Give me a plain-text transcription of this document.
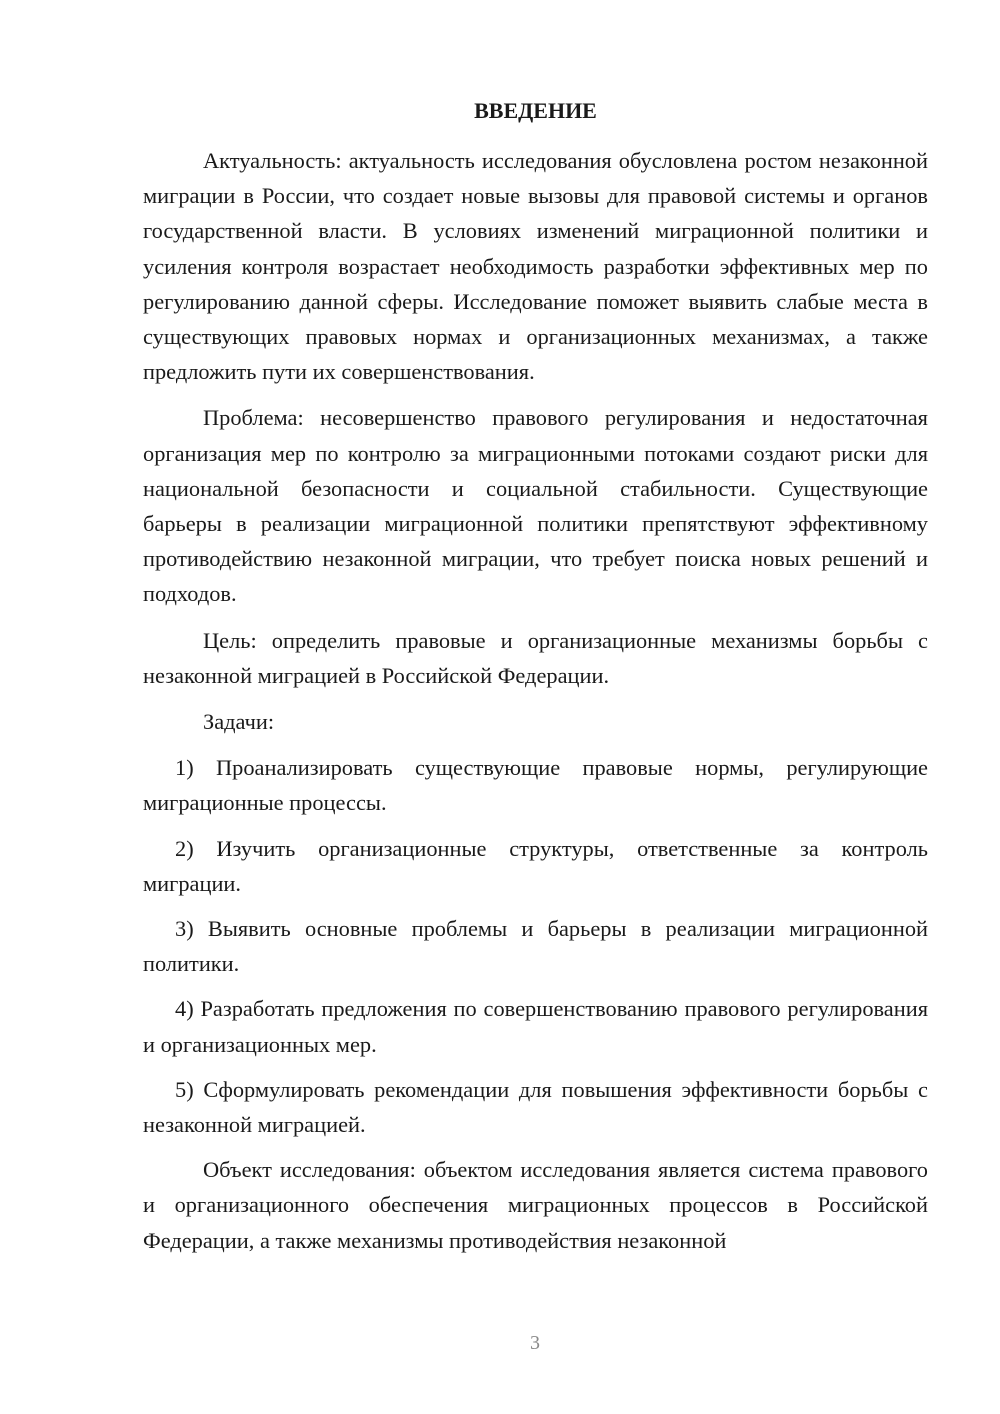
ВВЕДЕНИЕ

Актуальность: актуальность исследования обусловлена ростом незаконной миграции в России, что создает новые вызовы для правовой системы и органов государственной власти. В условиях изменений миграционной политики и усиления контроля возрастает необходимость разработки эффективных мер по регулированию данной сферы. Исследование поможет выявить слабые места в существующих правовых нормах и организационных механизмах, а также предложить пути их совершенствования.

Проблема: несовершенство правового регулирования и недостаточная организация мер по контролю за миграционными потоками создают риски для национальной безопасности и социальной стабильности. Существующие барьеры в реализации миграционной политики препятствуют эффективному противодействию незаконной миграции, что требует поиска новых решений и подходов.

Цель: определить правовые и организационные механизмы борьбы с незаконной миграцией в Российской Федерации.

Задачи:

1) Проанализировать существующие правовые нормы, регулирующие миграционные процессы.

2) Изучить организационные структуры, ответственные за контроль миграции.

3) Выявить основные проблемы и барьеры в реализации миграционной политики.

4) Разработать предложения по совершенствованию правового регулирования и организационных мер.

5) Сформулировать рекомендации для повышения эффективности борьбы с незаконной миграцией.

Объект исследования: объектом исследования является система правового и организационного обеспечения миграционных процессов в Российской Федерации, а также механизмы противодействия незаконной

3
